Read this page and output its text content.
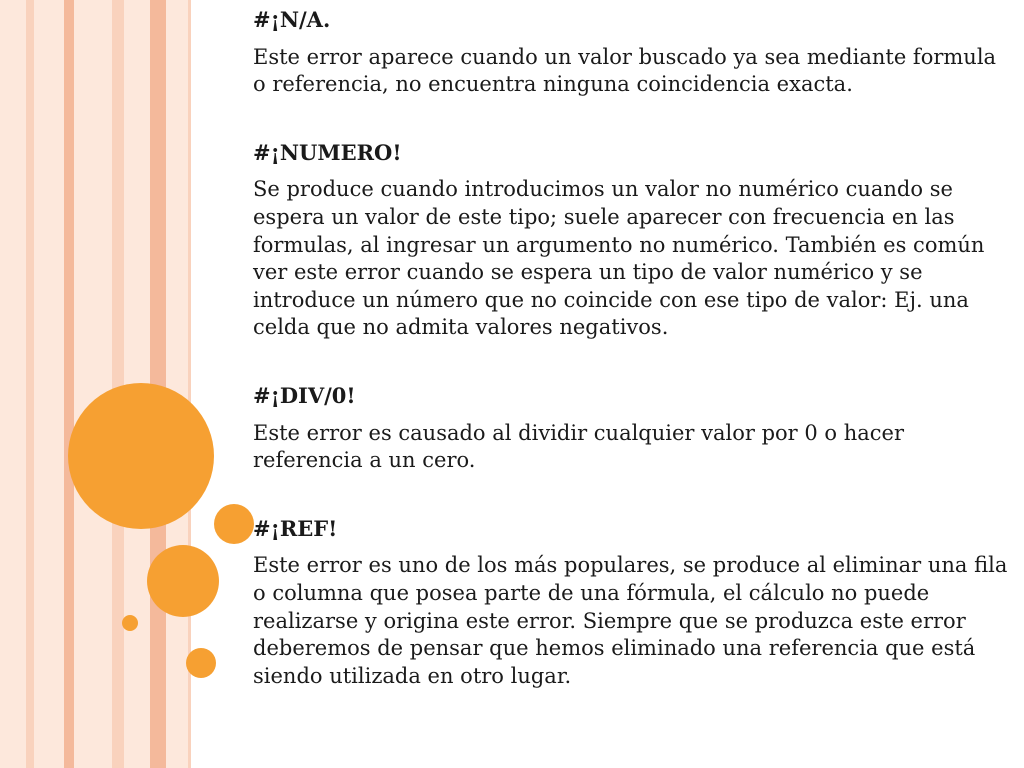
#¡N/A.

Este error aparece cuando un valor buscado ya sea mediante formula o referencia, no encuentra ninguna coincidencia exacta.

#¡NUMERO!

Se produce cuando introducimos un valor no numérico cuando se espera un valor de este tipo; suele aparecer con frecuencia en las formulas, al ingresar un argumento no numérico. También es común ver este error cuando se espera un tipo de valor numérico y se introduce un número que no coincide con ese tipo de valor: Ej. una celda que no admita valores negativos.

#¡DIV/0!

Este error es causado al dividir cualquier valor por 0 o hacer referencia a un cero.

#¡REF!

Este error es uno de los más populares, se produce al eliminar una fila o columna que posea parte de una fórmula, el cálculo no puede realizarse y origina este error. Siempre que se produzca este error deberemos de pensar que hemos eliminado una referencia que está siendo utilizada en otro lugar.
